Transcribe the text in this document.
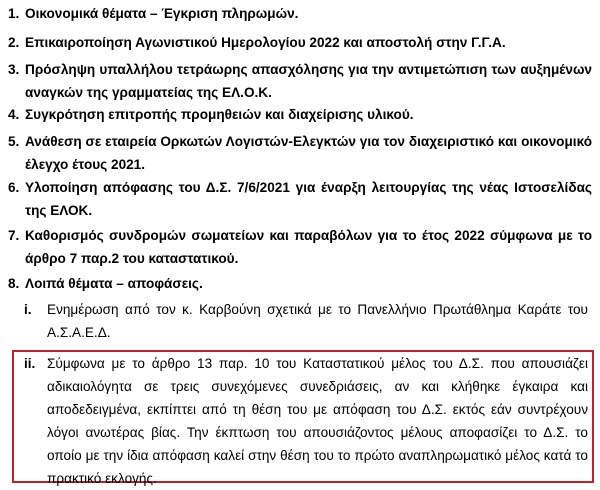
1. Οικονομικά θέματα – Έγκριση πληρωμών.
2. Επικαιροποίηση Αγωνιστικού Ημερολογίου 2022 και αποστολή στην Γ.Γ.Α.
3. Πρόσληψη υπαλλήλου τετράωρης απασχόλησης για την αντιμετώπιση των αυξημένων αναγκών της γραμματείας της ΕΛ.Ο.Κ.
4. Συγκρότηση επιτροπής προμηθειών και διαχείρισης υλικού.
5. Ανάθεση σε εταιρεία Ορκωτών Λογιστών-Ελεγκτών για τον διαχειριστικό και οικονομικό έλεγχο έτους 2021.
6. Υλοποίηση απόφασης του Δ.Σ. 7/6/2021 για έναρξη λειτουργίας της νέας Ιστοσελίδας της ΕΛΟΚ.
7. Καθορισμός συνδρομών σωματείων και παραβόλων για το έτος 2022 σύμφωνα με το άρθρο 7 παρ.2 του καταστατικού.
8. Λοιπά θέματα – αποφάσεις.
i. Ενημέρωση από τον κ. Καρβούνη σχετικά με το Πανελλήνιο Πρωτάθλημα Καράτε του Α.Σ.Α.Ε.Δ.
ii. Σύμφωνα με το άρθρο 13 παρ. 10 του Καταστατικού μέλος του Δ.Σ. που απουσιάζει αδικαιολόγητα σε τρεις συνεχόμενες συνεδριάσεις, αν και κλήθηκε έγκαιρα και αποδεδειγμένα, εκπίπτει από τη θέση του με απόφαση του Δ.Σ. εκτός εάν συντρέχουν λόγοι ανωτέρας βίας. Την έκπτωση του απουσιάζοντος μέλους αποφασίζει το Δ.Σ. το οποίο με την ίδια απόφαση καλεί στην θέση του το πρώτο αναπληρωματικό μέλος κατά το πρακτικό εκλογής.
